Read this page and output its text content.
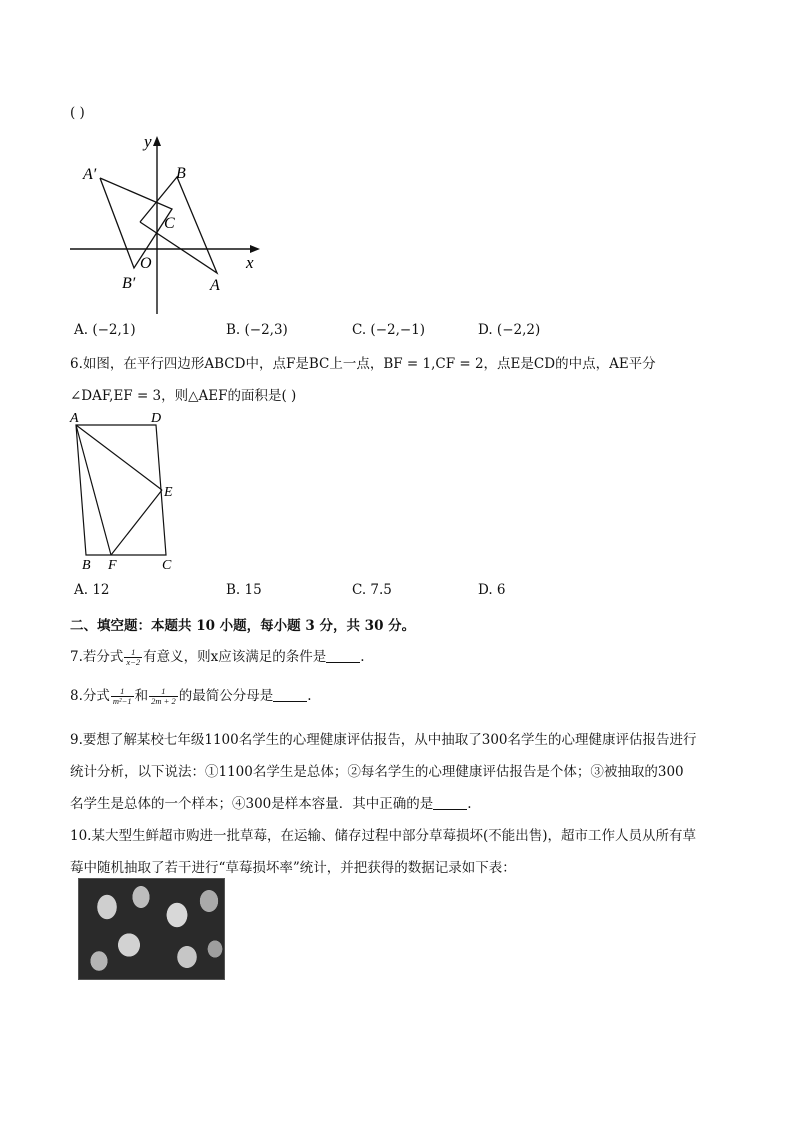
( )
y
x
A′	B
C
O
B′	A
A. (−2,1)	B. (−2,3)	C. (−2,−1)	D. (−2,2)
6.如图，在平行四边形ABCD中，点F是BC上一点，BF = 1,CF = 2，点E是CD的中点，AE平分
∠DAF,EF = 3，则△AEF的面积是( )
A	D
E
B F	C
A. 12	B. 15	C. 7.5	D. 6
二、填空题：本题共 10 小题，每小题 3 分，共 30 分。
7.若分式 $\frac{1}{x-2}$ 有意义，则x应该满足的条件是	.
8.分式 $\frac{1}{\text{m²−1}}$ 和 $\frac{1}{2m + 2}$ 的最简公分母是	.
9.要想了解某校七年级1100名学生的心理健康评估报告，从中抽取了300名学生的心理健康评估报告进行
统计分析，以下说法：①1100名学生是总体；②每名学生的心理健康评估报告是个体；③被抽取的300
名学生是总体的一个样本；④300是样本容量．其中正确的是	.
10.某大型生鲜超市购进一批草莓，在运输、储存过程中部分草莓损坏(不能出售)，超市工作人员从所有草
莓中随机抽取了若干进行“草莓损坏率”统计，并把获得的数据记录如下表：
